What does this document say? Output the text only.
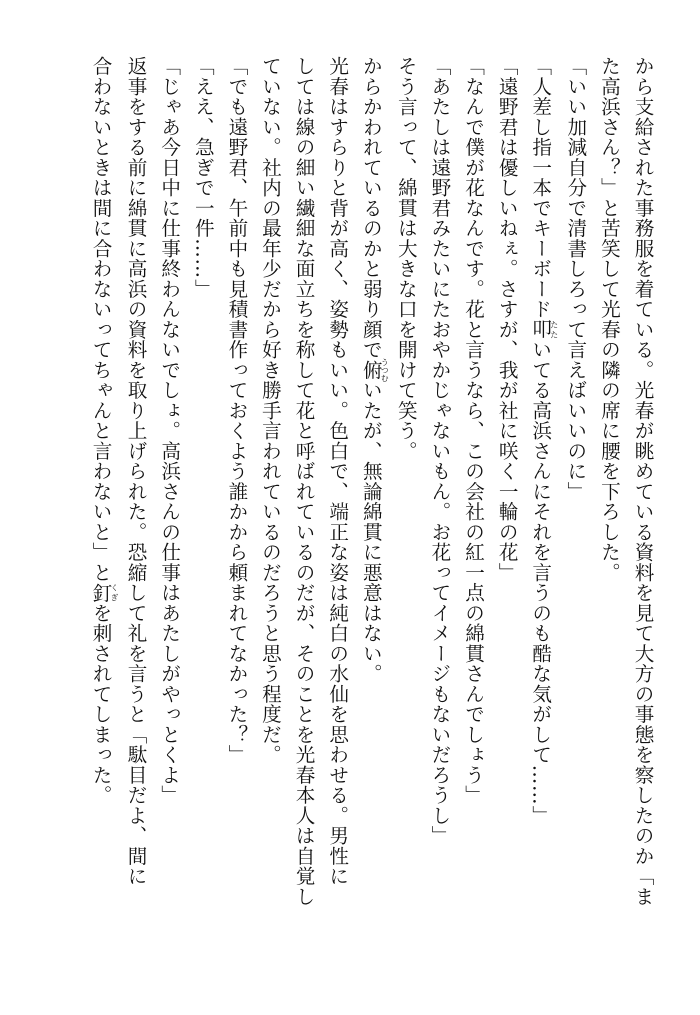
から支給された事務服を着ている。光春が眺めている資料を見て大方の事態を察したのか「ま
た高浜さん？」と苦笑して光春の隣の席に腰を下ろした。
「いい加減自分で清書しろって言えばいいのに」
「人差し指一本でキーボード叩たたいてる高浜さんにそれを言うのも酷な気がして……」
「遠野君は優しいねぇ。さすが、我が社に咲く一輪の花」
「なんで僕が花なんです。花と言うなら、この会社の紅一点の綿貫さんでしょう」
「あたしは遠野君みたいにたおやかじゃないもん。お花ってイメージもないだろうし」
そう言って、綿貫は大きな口を開けて笑う。
からかわれているのかと弱り顔で俯うつむいたが、無論綿貫に悪意はない。
光春はすらりと背が高く、姿勢もいい。色白で、端正な姿は純白の水仙を思わせる。男性に
しては線の細い繊細な面立ちを称して花と呼ばれているのだが、そのことを光春本人は自覚し
ていない。社内の最年少だから好き勝手言われているのだろうと思う程度だ。
「でも遠野君、午前中も見積書作っておくよう誰かから頼まれてなかった？」
「ええ、急ぎで一件……」
「じゃあ今日中に仕事終わんないでしょ。高浜さんの仕事はあたしがやっとくよ」
返事をする前に綿貫に高浜の資料を取り上げられた。恐縮して礼を言うと「駄目だよ、間に
合わないときは間に合わないってちゃんと言わないと」と釘くぎを刺されてしまった。
